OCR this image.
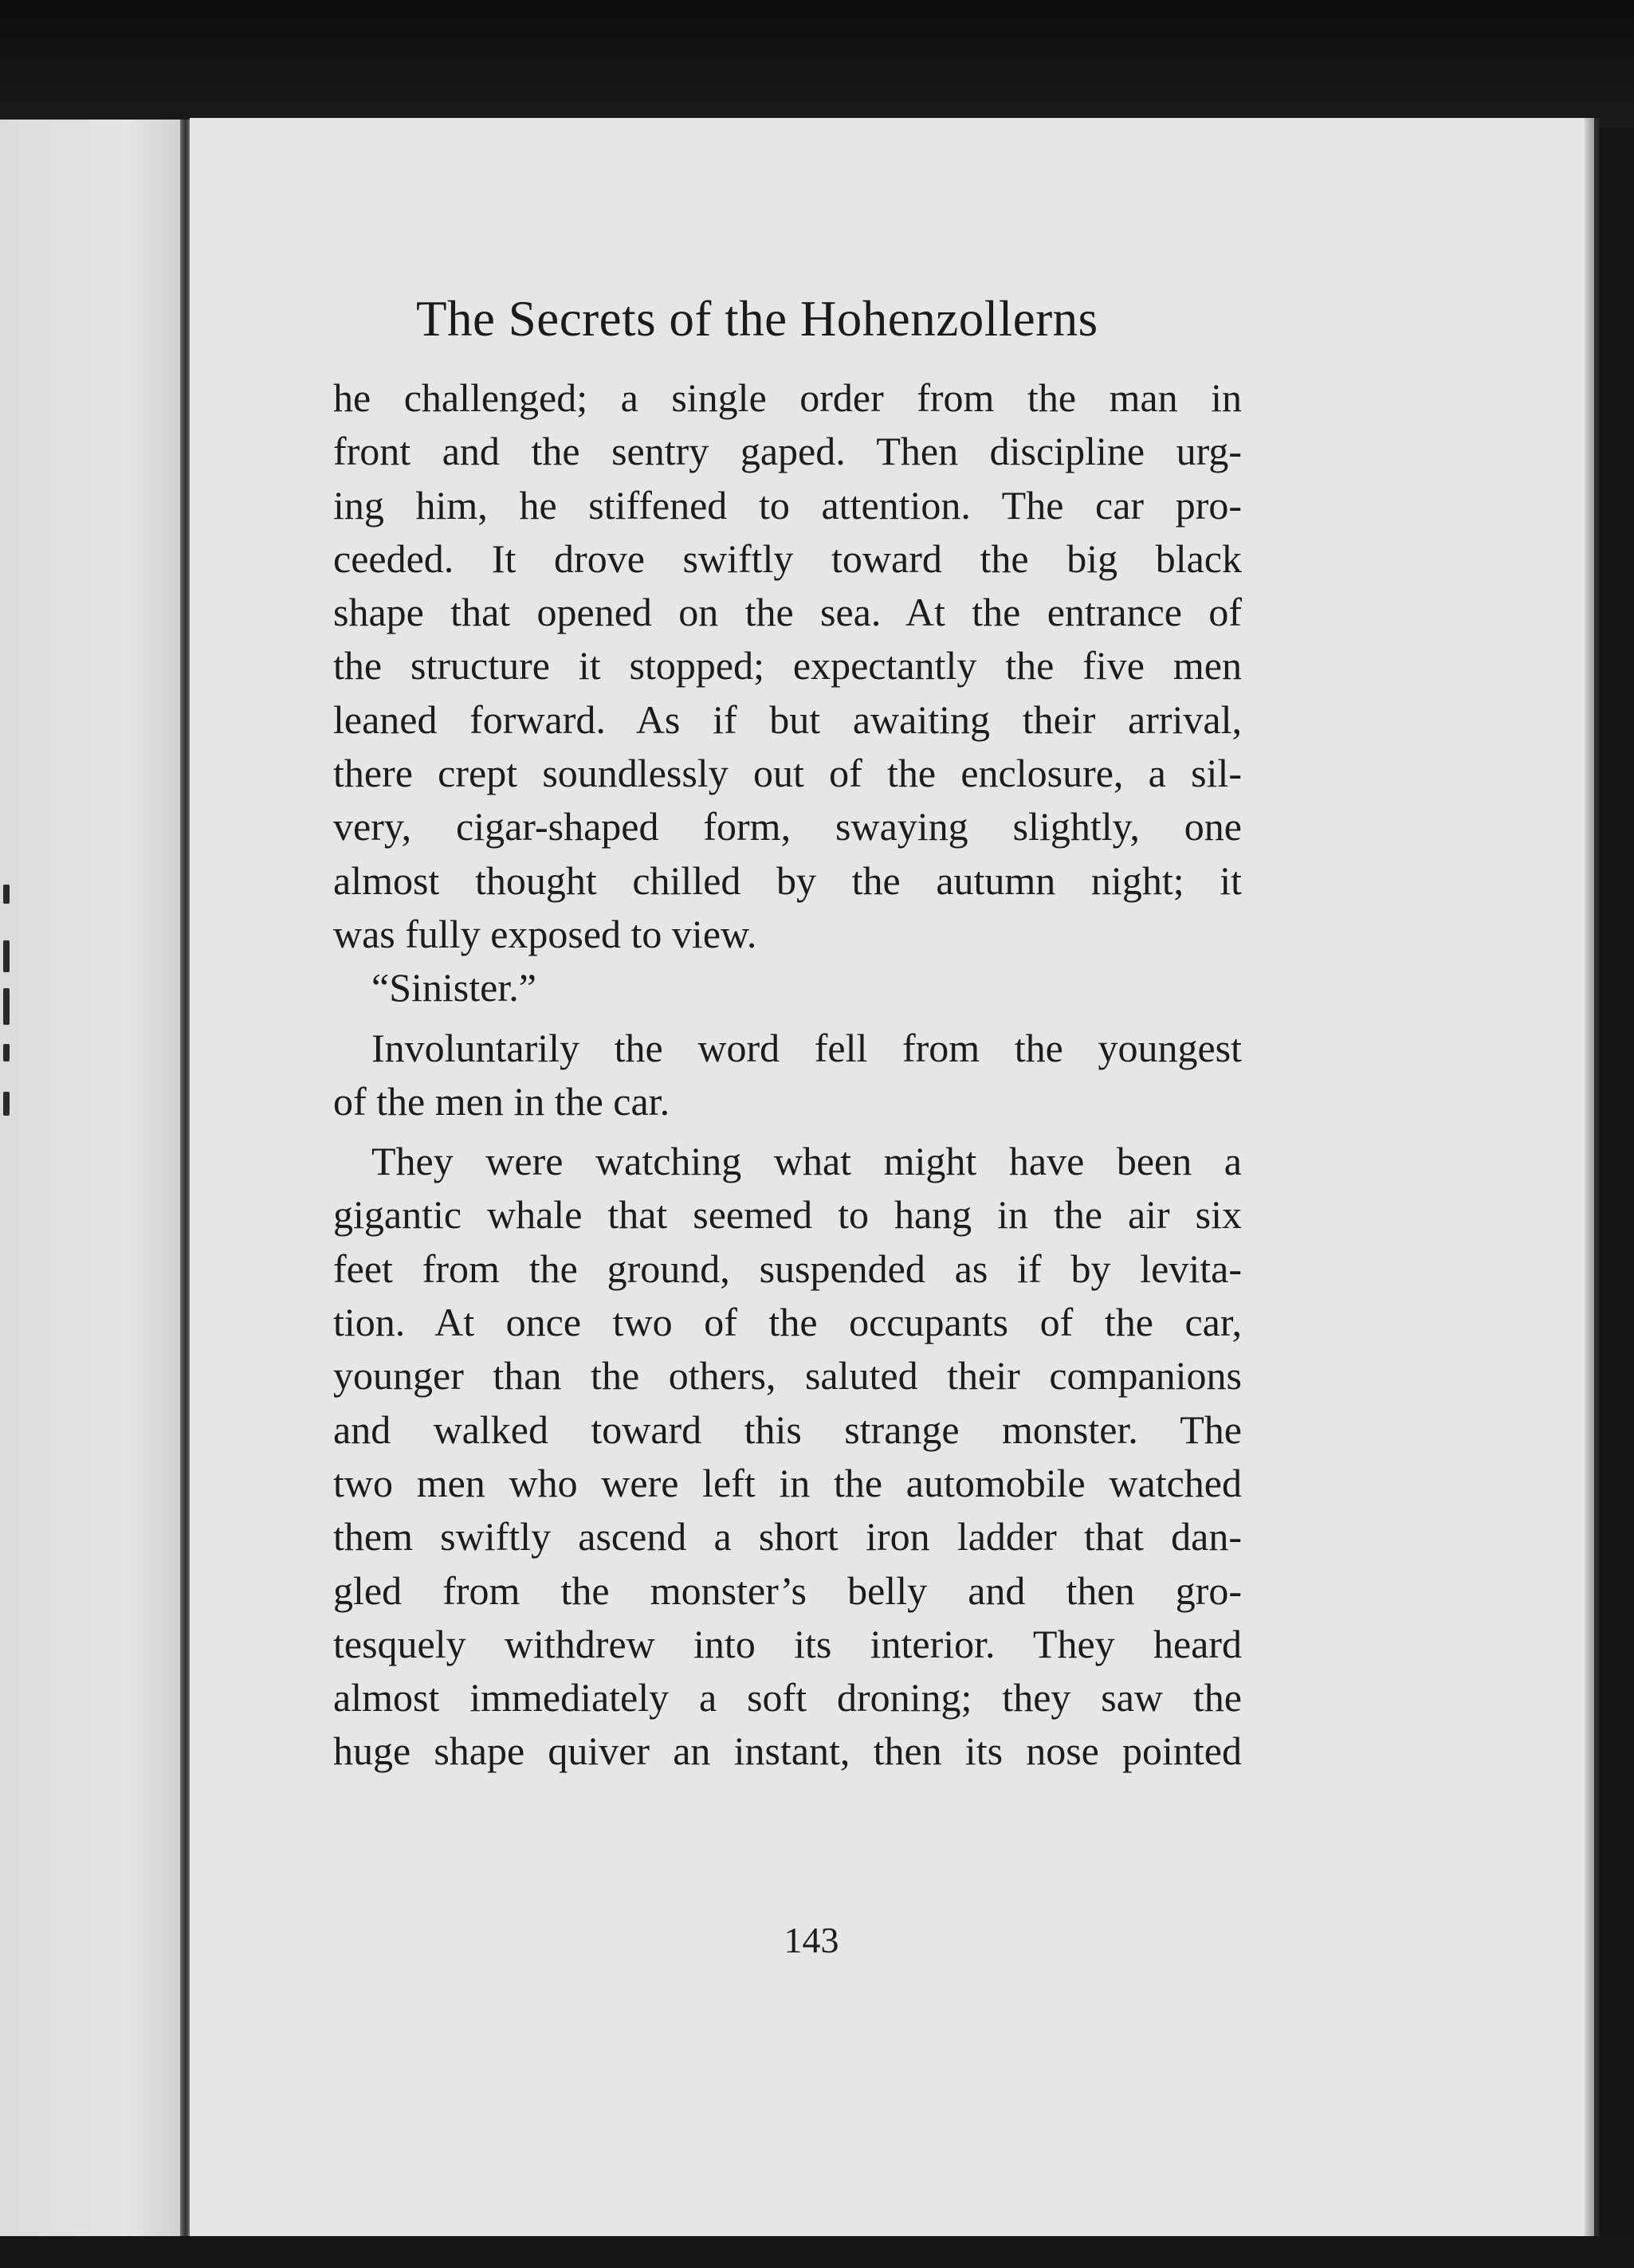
The Secrets of the Hohenzollerns
he challenged; a single order from the man in
front and the sentry gaped. Then discipline urg-
ing him, he stiffened to attention. The car pro-
ceeded. It drove swiftly toward the big black
shape that opened on the sea. At the entrance of
the structure it stopped; expectantly the five men
leaned forward. As if but awaiting their arrival,
there crept soundlessly out of the enclosure, a sil-
very, cigar-shaped form, swaying slightly, one
almost thought chilled by the autumn night; it
was fully exposed to view.
“Sinister.”
Involuntarily the word fell from the youngest
of the men in the car.
They were watching what might have been a
gigantic whale that seemed to hang in the air six
feet from the ground, suspended as if by levita-
tion. At once two of the occupants of the car,
younger than the others, saluted their companions
and walked toward this strange monster. The
two men who were left in the automobile watched
them swiftly ascend a short iron ladder that dan-
gled from the monster’s belly and then gro-
tesquely withdrew into its interior. They heard
almost immediately a soft droning; they saw the
huge shape quiver an instant, then its nose pointed
143
